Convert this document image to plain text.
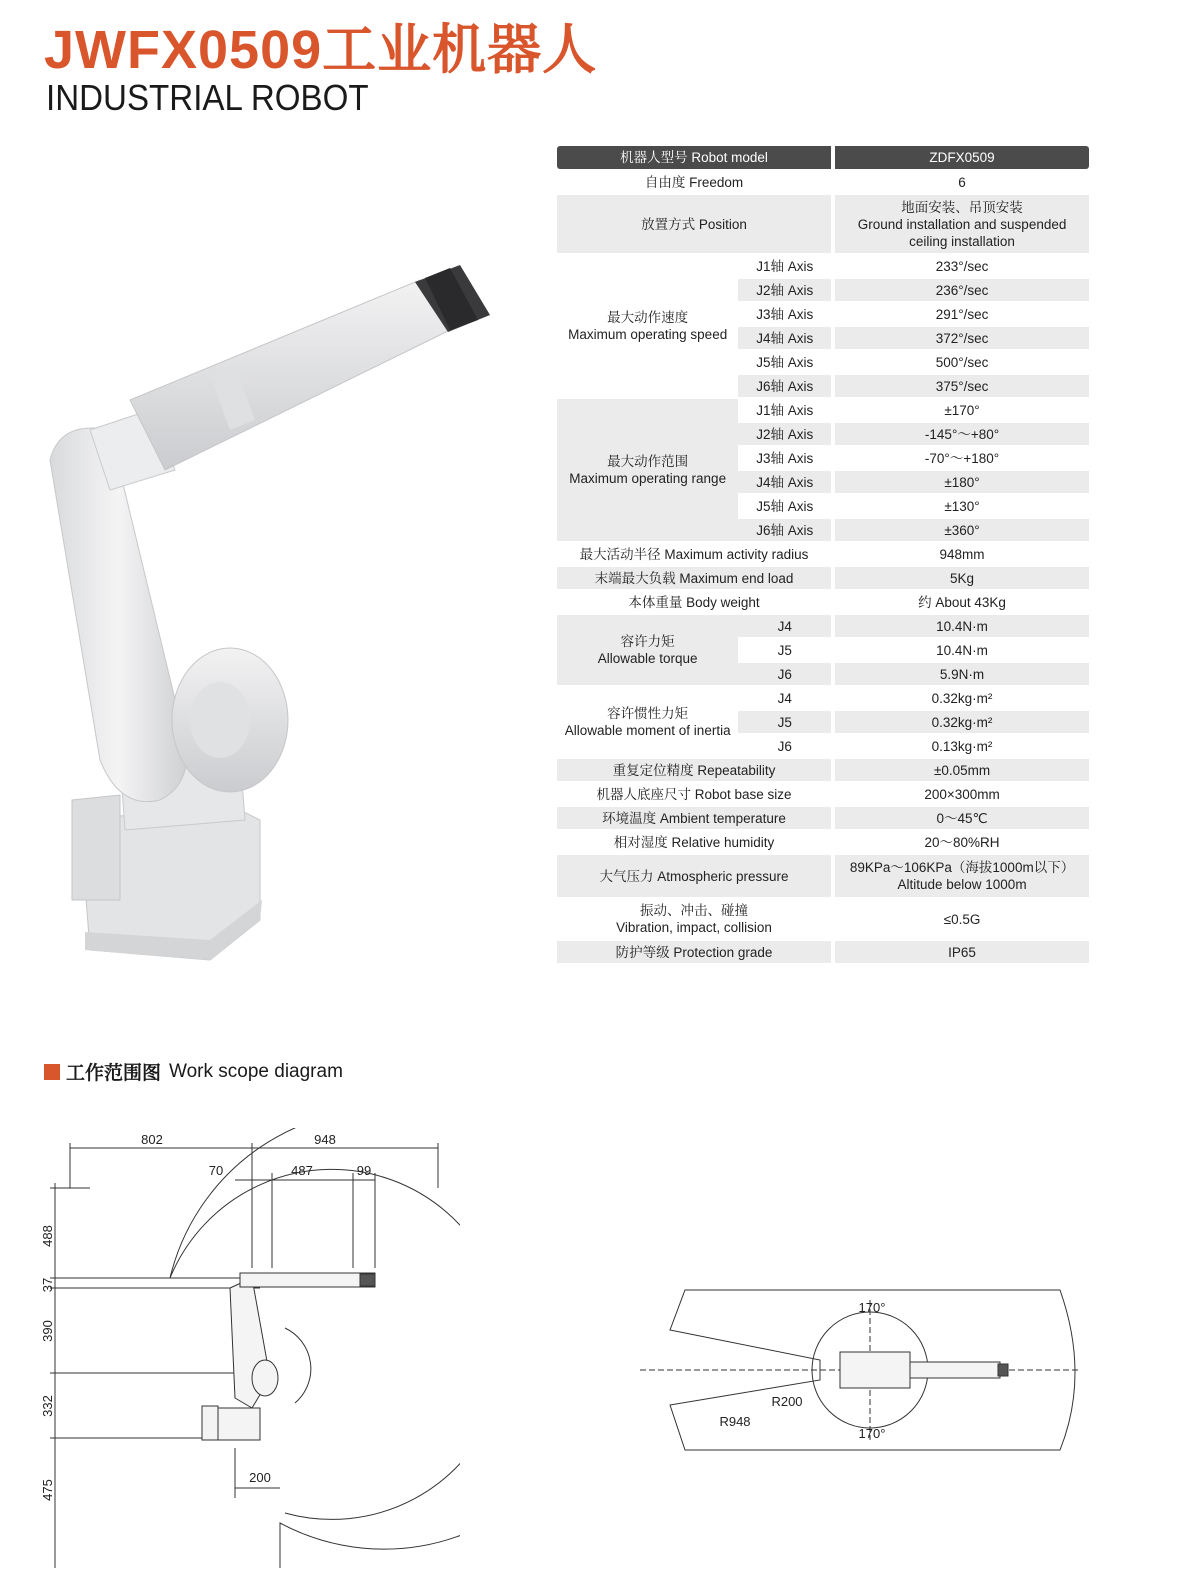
JWFX0509工业机器人
INDUSTRIAL ROBOT
机器人型号 Robot model			ZDFX0509
自由度 Freedom			6
放置方式 Position			地面安装、吊顶安装
Ground installation and suspended
ceiling installation

最大动作速度
Maximum operating speed	J1轴 Axis		233°/sec
	J2轴 Axis		236°/sec
	J3轴 Axis		291°/sec
	J4轴 Axis		372°/sec
	J5轴 Axis		500°/sec
	J6轴 Axis		375°/sec

最大动作范围
Maximum operating range	J1轴 Axis		±170°
	J2轴 Axis		-145°～+80°
	J3轴 Axis		-70°～+180°
	J4轴 Axis		±180°
	J5轴 Axis		±130°
	J6轴 Axis		±360°
最大活动半径 Maximum activity radius			948mm
末端最大负载 Maximum end load			5Kg
本体重量 Body weight			约 About 43Kg

容许力矩
Allowable torque	J4		10.4N·m
	J5		10.4N·m
	J6		5.9N·m

容许惯性力矩
Allowable moment of inertia	J4		0.32kg·m²
	J5		0.32kg·m²
	J6		0.13kg·m²
重复定位精度 Repeatability			±0.05mm
机器人底座尺寸 Robot base size			200×300mm
环境温度 Ambient temperature			0～45℃
相对湿度 Relative humidity			20～80%RH
大气压力 Atmospheric pressure			89KPa～106KPa（海拔1000m以下）
Altitude below 1000m

振动、冲击、碰撞
Vibration, impact, collision			≤0.5G
防护等级 Protection grade			IP65
工作范围图 Work scope diagram
802	948
70	487	99
200
488
37
390
332
475
170°
170°
R200
R948
